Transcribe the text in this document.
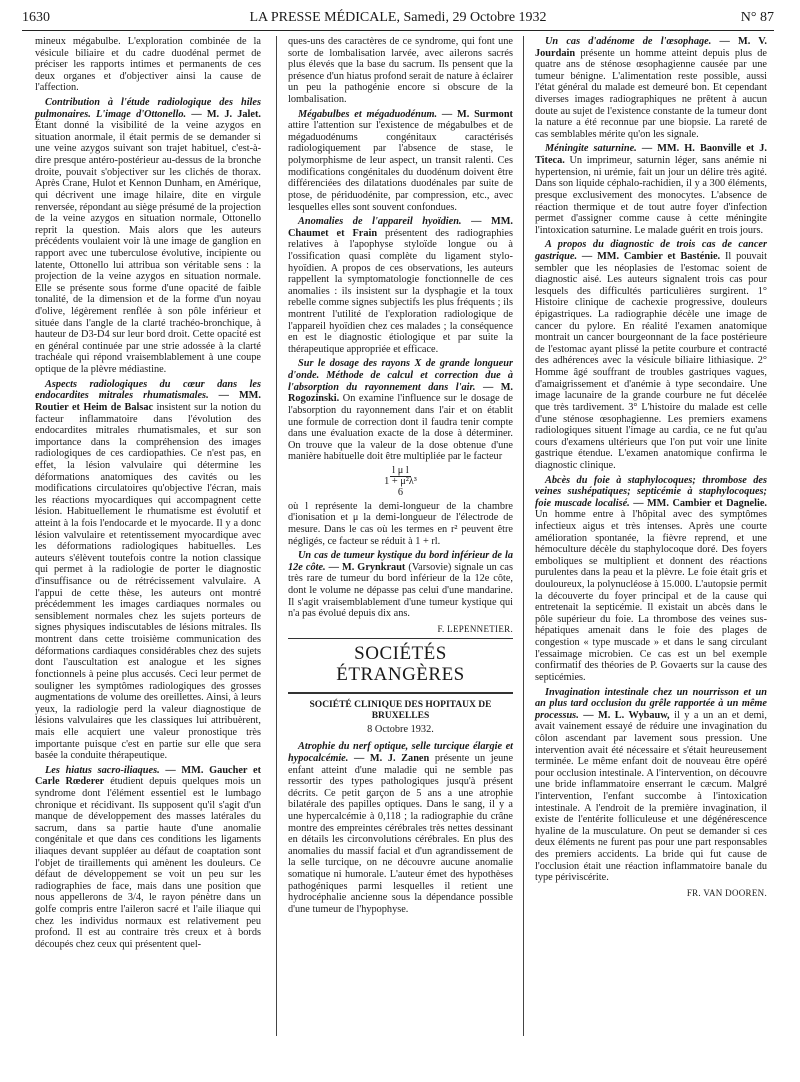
1630	LA PRESSE MÉDICALE, Samedi, 29 Octobre 1932	N° 87

mineux mégabulbe. L'exploration combinée de la vésicule biliaire et du cadre duodénal permet de préciser les rapports intimes et permanents de ces deux organes et d'objectiver ainsi la cause de l'affection.

Contribution à l'étude radiologique des hiles pulmonaires. L'image d'Ottonello. — M. J. Jalet. Étant donné la visibilité de la veine azygos en situation anormale, il était permis de se demander si une veine azygos suivant son trajet habituel, c'est-à-dire presque antéro-postérieur au-dessus de la bronche droite, pouvait s'objectiver sur les clichés de thorax. Après Crane, Hulot et Kennon Dunham, en Amérique, qui décrivent une image hilaire, dite en virgule renversée, répondant au siège présumé de la projection de la veine azygos en situation normale, Ottonello reprit la question. Mais alors que les auteurs précédents voulaient voir là une image de ganglion en rapport avec une tuberculose évolutive, incipiente ou latente, Ottonello lui attribua son véritable sens : la projection de la veine azygos en situation normale. Elle se présente sous forme d'une opacité de faible tonalité, de la dimension et de la forme d'un noyau d'olive, légèrement renflée à son pôle inférieur et située dans l'angle de la clarté trachéo-bronchique, à hauteur de D3-D4 sur leur bord droit. Cette opacité est en général continuée par une strie adossée à la clarté trachéale qui répond vraisemblablement à une coupe optique de la plèvre médiastine.

Aspects radiologiques du cœur dans les endocardites mitrales rhumatismales. — MM. Routier et Heim de Balsac insistent sur la notion du facteur inflammatoire dans l'évolution des endocardites mitrales rhumatismales, et sur son importance dans la compréhension des images radiologiques de ces cardiopathies. Ce n'est pas, en effet, la lésion valvulaire qui détermine les déformations anatomiques des cavités ou les modifications circulatoires qu'objective l'écran, mais les réactions myocardiques qui accompagnent cette lésion. Habituellement le rhumatisme est évolutif et atteint à la fois l'endocarde et le myocarde. Il y a donc lésion valvulaire et retentissement myocardique avec les déformations radiologiques habituelles. Les auteurs s'élèvent toutefois contre la notion classique qui permet à la radiologie de porter le diagnostic d'insuffisance ou de rétrécissement valvulaire. A l'appui de cette thèse, les auteurs ont montré précédemment les images cardiaques normales ou sensiblement normales chez les sujets porteurs de signes physiques indiscutables de lésions mitrales. Ils montrent dans cette troisième communication des déformations cardiaques considérables chez des sujets dont l'auscultation est analogue et les signes fonctionnels à peine plus accusés. Ceci leur permet de souligner les symptômes radiologiques des grosses augmentations de volume des oreillettes. Ainsi, à leurs yeux, la radiologie perd la valeur diagnostique de lésions valvulaires que les classiques lui attribuèrent, mais elle acquiert une valeur pronostique très importante puisque c'est en partie sur elle que sera basée la conduite thérapeutique.

Les hiatus sacro-iliaques. — MM. Gaucher et Carle Rœderer étudient depuis quelques mois un syndrome dont l'élément essentiel est le lumbago chronique et récidivant. Ils supposent qu'il s'agit d'un manque de développement des masses latérales du sacrum, dans sa partie haute d'une anomalie congénitale et que dans ces conditions les ligaments iliaques devant suppléer au défaut de coaptation sont l'objet de tiraillements qui amènent les douleurs. Ce défaut de développement se voit un peu sur les radiographies de face, mais dans une position que nous appellerons de 3/4, le rayon pénètre dans un golfe compris entre l'aileron sacré et l'aile iliaque qui chez les individus normaux est relativement peu profond. Il est au contraire très creux et à bords découpés chez ceux qui présentent quel-

ques-uns des caractères de ce syndrome, qui font une sorte de lombalisation larvée, avec ailerons sacrés plus élevés que la base du sacrum. Ils pensent que la présence d'un hiatus profond serait de nature à éclairer un peu la pathogénie encore si obscure de la lombalisation.

Mégabulbes et mégaduodénum. — M. Surmont attire l'attention sur l'existence de mégabulbes et de mégaduodénums congénitaux caractérisés radiologiquement par l'absence de stase, le polymorphisme de leur aspect, un transit ralenti. Ces modifications congénitales du duodénum doivent être différenciées des dilatations duodénales par suite de ptose, de périduodénite, par compression, etc., avec lesquelles elles sont souvent confondues.

Anomalies de l'appareil hyoïdien. — MM. Chaumet et Frain présentent des radiographies relatives à l'apophyse styloïde longue ou à l'ossification quasi complète du ligament stylo-hyoïdien. A propos de ces observations, les auteurs rappellent la symptomatologie fonctionnelle de ces anomalies : ils insistent sur la dysphagie et la toux rebelle comme signes subjectifs les plus fréquents ; ils montrent l'utilité de l'exploration radiologique de l'appareil hyoïdien chez ces malades ; la conséquence en est le diagnostic étiologique et par suite la thérapeutique appropriée et efficace.

Sur le dosage des rayons X de grande longueur d'onde. Méthode de calcul et correction due à l'absorption du rayonnement dans l'air. — M. Rogozinski. On examine l'influence sur le dosage de l'absorption du rayonnement dans l'air et on établit une formule de correction dont il faudra tenir compte dans une évaluation exacte de la dose à déterminer. On trouve que la valeur de la dose obtenue d'une manière habituelle doit être multipliée par le facteur

l μ l
1 + μ²λ³
6

où l représente la demi-longueur de la chambre d'ionisation et μ la demi-longueur de l'électrode de mesure. Dans le cas où les termes en r² peuvent être négligés, ce facteur se réduit à 1 + rl.

Un cas de tumeur kystique du bord inférieur de la 12e côte. — M. Grynkraut (Varsovie) signale un cas très rare de tumeur du bord inférieur de la 12e côte, dont le volume ne dépasse pas celui d'une mandarine. Il s'agit vraisemblablement d'une tumeur kystique qui n'a pas évolué depuis dix ans.

F. LEPENNETIER.
SOCIÉTÉS ÉTRANGÈRES
SOCIÉTÉ CLINIQUE DES HOPITAUX DE BRUXELLES
8 Octobre 1932.

Atrophie du nerf optique, selle turcique élargie et hypocalcémie. — M. J. Zanen présente un jeune enfant atteint d'une maladie qui ne semble pas ressortir des types pathologiques jusqu'à présent décrits. Ce petit garçon de 5 ans a une atrophie bilatérale des papilles optiques. Dans le sang, il y a une hypercalcémie à 0,118 ; la radiographie du crâne montre des empreintes cérébrales très nettes dessinant en détails les circonvolutions cérébrales. En plus des anomalies du massif facial et d'un agrandissement de la selle turcique, on ne découvre aucune anomalie somatique ni humorale. L'auteur émet des hypothèses pathogéniques parmi lesquelles il retient une hydrocéphalie ancienne sous la dépendance possible d'une tumeur de l'hypophyse.

Un cas d'adénome de l'œsophage. — M. V. Jourdain présente un homme atteint depuis plus de quatre ans de sténose œsophagienne causée par une tumeur bénigne. L'alimentation reste possible, aussi l'état général du malade est demeuré bon. Et cependant diverses images radiographiques ne prêtent à aucun doute au sujet de l'existence constante de la tumeur dont la nature a été reconnue par une biopsie. La rareté de cas semblables mérite qu'on les signale.

Méningite saturnine. — MM. H. Baonville et J. Titeca. Un imprimeur, saturnin léger, sans anémie ni hypertension, ni urémie, fait un jour un délire très agité. Dans son liquide céphalo-rachidien, il y a 300 éléments, presque exclusivement des monocytes. L'absence de réaction thermique et de tout autre foyer d'infection permet d'assigner comme cause à cette méningite l'intoxication saturnine. Le malade guérit en trois jours.

A propos du diagnostic de trois cas de cancer gastrique. — MM. Cambier et Basténie. Il pouvait sembler que les néoplasies de l'estomac soient de diagnostic aisé. Les auteurs signalent trois cas pour lesquels des difficultés particulières surgirent. 1° Histoire clinique de cachexie progressive, douleurs épigastriques. La radiographie décèle une image de cancer du pylore. En réalité l'examen anatomique montrait un cancer bourgeonnant de la face postérieure de l'estomac ayant plissé la petite courbure et contracté des adhérences avec la vésicule biliaire lithiasique. 2° Homme âgé souffrant de troubles gastriques vagues, d'amaigrissement et d'anémie à type secondaire. Une image lacunaire de la grande courbure ne fut décelée que très tardivement. 3° L'histoire du malade est celle d'une sténose œsophagienne. Les premiers examens radiologiques situent l'image au cardia, ce ne fut qu'au cours d'examens ultérieurs que l'on put voir une linite gastrique étendue. L'examen anatomique confirma le diagnostic clinique.

Abcès du foie à staphylocoques; thrombose des veines sushépatiques; septicémie à staphylocoques; foie muscade localisé. — MM. Cambier et Dagnelie. Un homme entre à l'hôpital avec des symptômes infectieux aigus et très intenses. Après une courte amélioration spontanée, la fièvre reprend, et une hémoculture décèle du staphylocoque doré. Des foyers emboliques se multiplient et donnent des réactions purulentes dans la peau et la plèvre. Le foie était gris et douloureux, la polynucléose à 15.000. L'autopsie permit la découverte du foyer principal et de la cause qui entretenait la septicémie. Il existait un abcès dans le pôle supérieur du foie. La thrombose des veines sus-hépatiques amenait dans le foie des plages de congestion « type muscade » et dans le sang circulant l'essaimage microbien. Ce cas est un bel exemple confirmatif des théories de P. Govaerts sur la cause des septicémies.

Invagination intestinale chez un nourrisson et un an plus tard occlusion du grêle rapportée à un même processus. — M. L. Wybauw, il y a un an et demi, avait vainement essayé de réduire une invagination du côlon ascendant par lavement sous pression. Une intervention avait été nécessaire et s'était heureusement terminée. Le même enfant doit de nouveau être opéré pour occlusion intestinale. A l'intervention, on découvre une bride inflammatoire enserrant le cæcum. Malgré l'intervention, l'enfant succombe à l'intoxication intestinale. A l'endroit de la première invagination, il existe de l'entérite folliculeuse et une dégénérescence hyaline de la musculature. On peut se demander si ces deux éléments ne furent pas pour une part responsables des premiers accidents. La bride qui fut cause de l'occlusion était une réaction inflammatoire banale du type périviscérite.

FR. VAN DOOREN.
